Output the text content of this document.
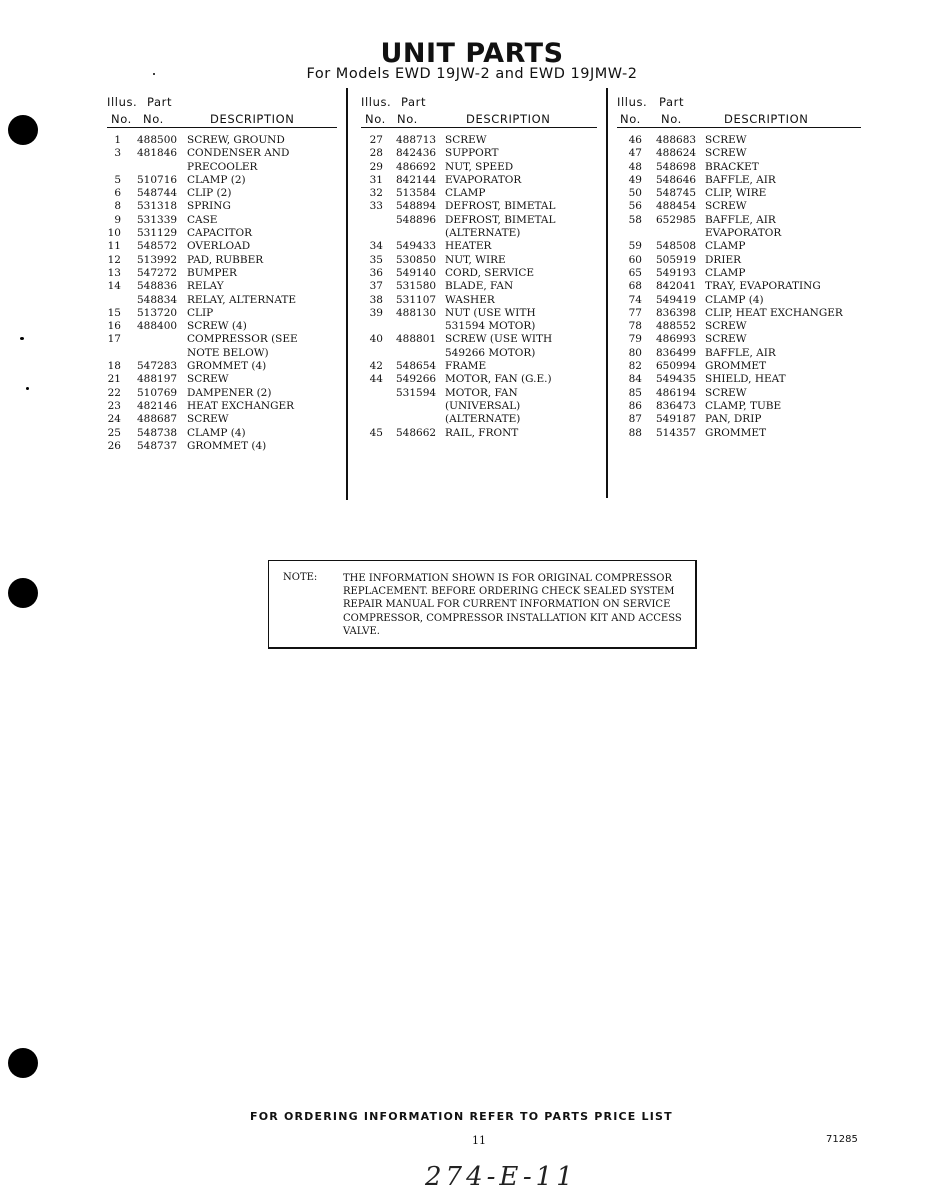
UNIT PARTS
For Models EWD 19JW-2 and EWD 19JMW-2
Illus. Part
No. No.	DESCRIPTION
1 488500 SCREW, GROUND
3 481846 CONDENSER AND
PRECOOLER
5 510716 CLAMP (2)
6 548744 CLIP (2)
8 531318 SPRING
9 531339 CASE
10 531129 CAPACITOR
11 548572 OVERLOAD
12 513992 PAD, RUBBER
13 547272 BUMPER
14 548836 RELAY
548834 RELAY, ALTERNATE
15 513720 CLIP
16 488400 SCREW (4)
17	COMPRESSOR (SEE
NOTE BELOW)
18 547283 GROMMET (4)
21 488197 SCREW
22 510769 DAMPENER (2)
23 482146 HEAT EXCHANGER
24 488687 SCREW
25 548738 CLAMP (4)
26 548737 GROMMET (4)
Illus. Part
No. No.	DESCRIPTION
27 488713 SCREW
28 842436 SUPPORT
29 486692 NUT, SPEED
31 842144 EVAPORATOR
32 513584 CLAMP
33 548894 DEFROST, BIMETAL
548896 DEFROST, BIMETAL
(ALTERNATE)
34 549433 HEATER
35 530850 NUT, WIRE
36 549140 CORD, SERVICE
37 531580 BLADE, FAN
38 531107 WASHER
39 488130 NUT (USE WITH
531594 MOTOR)
40 488801 SCREW (USE WITH
549266 MOTOR)
42 548654 FRAME
44 549266 MOTOR, FAN (G.E.)
531594 MOTOR, FAN
(UNIVERSAL)
(ALTERNATE)
45 548662 RAIL, FRONT
Illus. Part
No. No.	DESCRIPTION
46 488683 SCREW
47 488624 SCREW
48 548698 BRACKET
49 548646 BAFFLE, AIR
50 548745 CLIP, WIRE
56 488454 SCREW
58 652985 BAFFLE, AIR
EVAPORATOR
59 548508 CLAMP
60 505919 DRIER
65 549193 CLAMP
68 842041 TRAY, EVAPORATING
74 549419 CLAMP (4)
77 836398 CLIP, HEAT EXCHANGER
78 488552 SCREW
79 486993 SCREW
80 836499 BAFFLE, AIR
82 650994 GROMMET
84 549435 SHIELD, HEAT
85 486194 SCREW
86 836473 CLAMP, TUBE
87 549187 PAN, DRIP
88 514357 GROMMET
NOTE:	THE INFORMATION SHOWN IS FOR ORIGINAL COMPRESSOR REPLACEMENT. BEFORE ORDERING CHECK SEALED SYSTEM REPAIR MANUAL FOR CURRENT INFORMATION ON SERVICE COMPRESSOR, COMPRESSOR INSTALLATION KIT AND ACCESS VALVE.
FOR ORDERING INFORMATION REFER TO PARTS PRICE LIST
11	71285
274-E-11
